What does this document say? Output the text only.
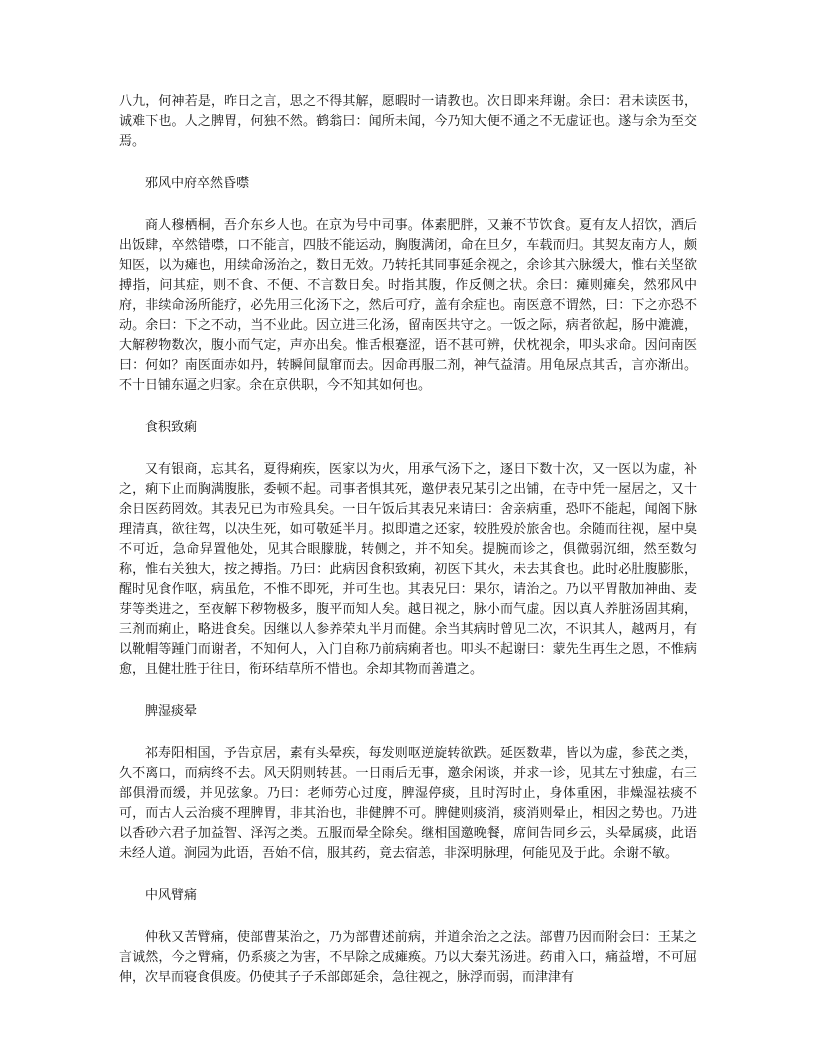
八九，何神若是，昨日之言，思之不得其解，愿暇时一请教也。次日即来拜谢。余曰：君未读医书，诚难下也。人之脾胃，何独不然。鹤翁曰：闻所未闻，今乃知大便不通之不无虚证也。遂与余为至交焉。

邪风中府卒然昏噤

商人穆栖桐，吾介东乡人也。在京为号中司事。体素肥胖，又兼不节饮食。夏有友人招饮，酒后出饭肆，卒然错噤，口不能言，四肢不能运动，胸腹满闭，命在旦夕，车载而归。其契友南方人，颇知医，以为瘫也，用续命汤治之，数日无效。乃转托其同事延余视之，余诊其六脉缓大，惟右关坚欲搏指，问其症，则不食、不便、不言数日矣。时指其腹，作反侧之状。余曰：瘫则瘫矣，然邪风中府，非续命汤所能疗，必先用三化汤下之，然后可疗，盖有余症也。南医意不谓然，曰：下之亦恐不动。余曰：下之不动，当不业此。因立进三化汤，留南医共守之。一饭之际，病者欲起，肠中漉漉，大解秽物数次，腹小而气定，声亦出矣。惟舌根蹇涩，语不甚可辨，伏枕视余，叩头求命。因问南医曰：何如？南医面赤如丹，转瞬间鼠窜而去。因命再服二剂，神气益清。用龟尿点其舌，言亦渐出。不十日铺东逼之归家。余在京供职，今不知其如何也。

食积致痢

又有银商，忘其名，夏得痢疾，医家以为火，用承气汤下之，逐日下数十次，又一医以为虚，补之，痢下止而胸满腹胀，委顿不起。司事者惧其死，邀伊表兄某引之出铺，在寺中凭一屋居之，又十余日医药罔效。其表兄已为市殓具矣。一日午饭后其表兄来请曰：舍亲病重，恐吓不能起，闻阁下脉理清真，欲往驾，以决生死，如可敬延半月。拟即遣之还家，较胜殁於旅舍也。余随而往视，屋中臭不可近，急命舁置他处，见其合眼朦胧，转侧之，并不知矣。提腕而诊之，俱微弱沉细，然至数匀称，惟右关独大，按之搏指。乃曰：此病因食积致痢，初医下其火，未去其食也。此时必肚腹膨胀，醒时见食作呕，病虽危，不惟不即死，并可生也。其表兄曰：果尔，请治之。乃以平胃散加神曲、麦芽等类进之，至夜解下秽物极多，腹平而知人矣。越日视之，脉小而气虚。因以真人养脏汤固其痢，三剂而痢止，略进食矣。因继以人参养荣丸半月而健。余当其病时曾见二次，不识其人，越两月，有以靴帽等踵门而谢者，不知何人，入门自称乃前病痢者也。叩头不起谢曰：蒙先生再生之恩，不惟病愈，且健壮胜于往日，衔环结草所不惜也。余却其物而善遣之。

脾湿痰晕

祁寿阳相国，予告京居，素有头晕疾，每发则呕逆旋转欲跌。延医数辈，皆以为虚，参芪之类，久不离口，而病终不去。风天阴则转甚。一日雨后无事，邀余闲谈，并求一诊，见其左寸独虚，右三部俱滑而缓，并见弦象。乃曰：老师劳心过度，脾湿停痰，且时泻时止，身体重困，非燥湿祛痰不可，而古人云治痰不理脾胃，非其治也，非健脾不可。脾健则痰消，痰消则晕止，相因之势也。乃进以香砂六君子加益智、泽泻之类。五服而晕全除矣。继相国邀晚餐，席间告同乡云，头晕属痰，此语未经人道。涧园为此语，吾始不信，服其药，竟去宿恙，非深明脉理，何能见及于此。余谢不敏。

中风臂痛

仲秋又苦臂痛，使部曹某治之，乃为部曹述前病，并道余治之之法。部曹乃因而附会曰：王某之言诚然，今之臂痛，仍系痰之为害，不早除之成瘫痪。乃以大秦艽汤进。药甫入口，痛益增，不可屈伸，次早而寝食俱废。仍使其子子禾部郎延余，急往视之，脉浮而弱，而津津有
